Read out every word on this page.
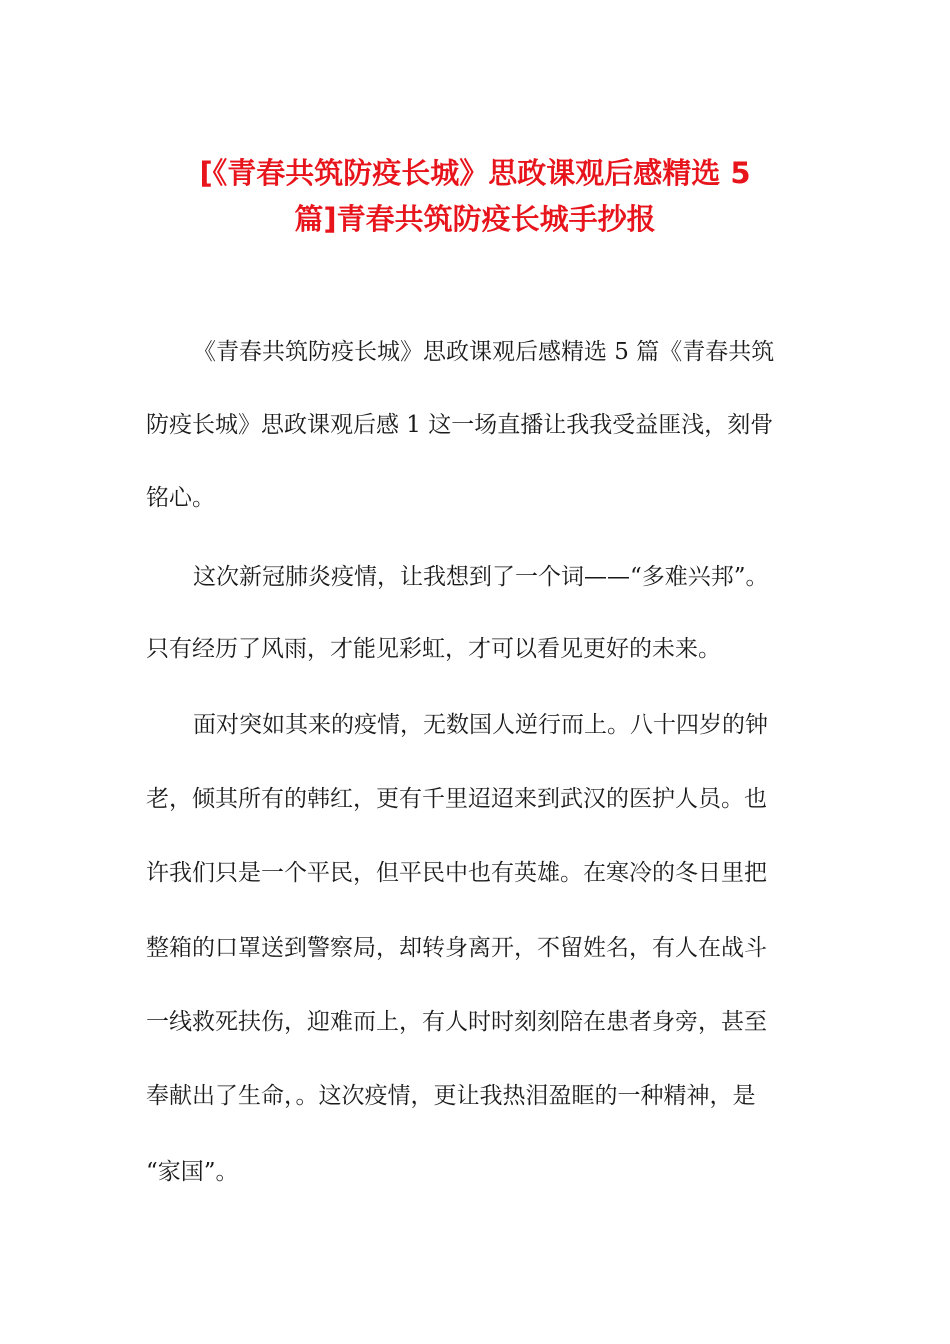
[《青春共筑防疫长城》思政课观后感精选 5
篇]青春共筑防疫长城手抄报
《青春共筑防疫长城》思政课观后感精选 5 篇《青春共筑
防疫长城》思政课观后感 1 这一场直播让我我受益匪浅，刻骨
铭心。
这次新冠肺炎疫情，让我想到了一个词——“多难兴邦”。
只有经历了风雨，才能见彩虹，才可以看见更好的未来。
面对突如其来的疫情，无数国人逆行而上。八十四岁的钟
老，倾其所有的韩红，更有千里迢迢来到武汉的医护人员。也
许我们只是一个平民，但平民中也有英雄。在寒冷的冬日里把
整箱的口罩送到警察局，却转身离开，不留姓名，有人在战斗
一线救死扶伤，迎难而上，有人时时刻刻陪在患者身旁，甚至
奉献出了生命，。这次疫情，更让我热泪盈眶的一种精神，是
“家国”。
